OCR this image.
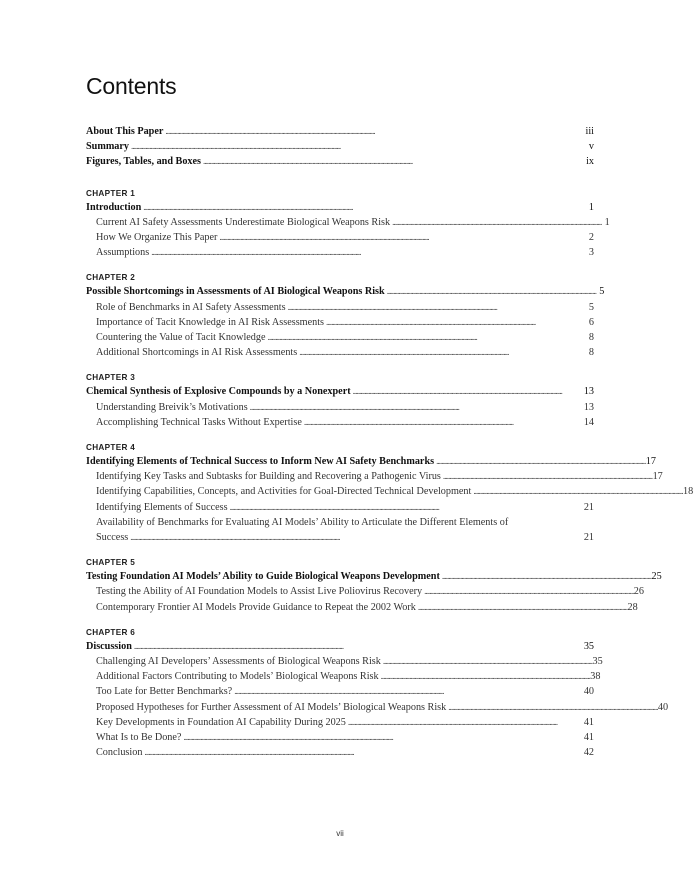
Contents
About This Paper . . .	iii
Summary . . .	v
Figures, Tables, and Boxes . . .	ix
CHAPTER 1
Introduction . . .	1
Current AI Safety Assessments Underestimate Biological Weapons Risk . . .	1
How We Organize This Paper . . .	2
Assumptions . . .	3
CHAPTER 2
Possible Shortcomings in Assessments of AI Biological Weapons Risk . . .	5
Role of Benchmarks in AI Safety Assessments . . .	5
Importance of Tacit Knowledge in AI Risk Assessments . . .	6
Countering the Value of Tacit Knowledge . . .	8
Additional Shortcomings in AI Risk Assessments . . .	8
CHAPTER 3
Chemical Synthesis of Explosive Compounds by a Nonexpert . . .	13
Understanding Breivik’s Motivations . . .	13
Accomplishing Technical Tasks Without Expertise . . .	14
CHAPTER 4
Identifying Elements of Technical Success to Inform New AI Safety Benchmarks . . .	17
Identifying Key Tasks and Subtasks for Building and Recovering a Pathogenic Virus . . .	17
Identifying Capabilities, Concepts, and Activities for Goal-Directed Technical Development . . .	18
Identifying Elements of Success . . .	21
Availability of Benchmarks for Evaluating AI Models’ Ability to Articulate the Different Elements of
Success . . .	21
CHAPTER 5
Testing Foundation AI Models’ Ability to Guide Biological Weapons Development . . .	25
Testing the Ability of AI Foundation Models to Assist Live Poliovirus Recovery . . .	26
Contemporary Frontier AI Models Provide Guidance to Repeat the 2002 Work . . .	28
CHAPTER 6
Discussion . . .	35
Challenging AI Developers’ Assessments of Biological Weapons Risk . . .	35
Additional Factors Contributing to Models’ Biological Weapons Risk . . .	38
Too Late for Better Benchmarks? . . .	40
Proposed Hypotheses for Further Assessment of AI Models’ Biological Weapons Risk . . .	40
Key Developments in Foundation AI Capability During 2025 . . .	41
What Is to Be Done? . . .	41
Conclusion . . .	42
vii
